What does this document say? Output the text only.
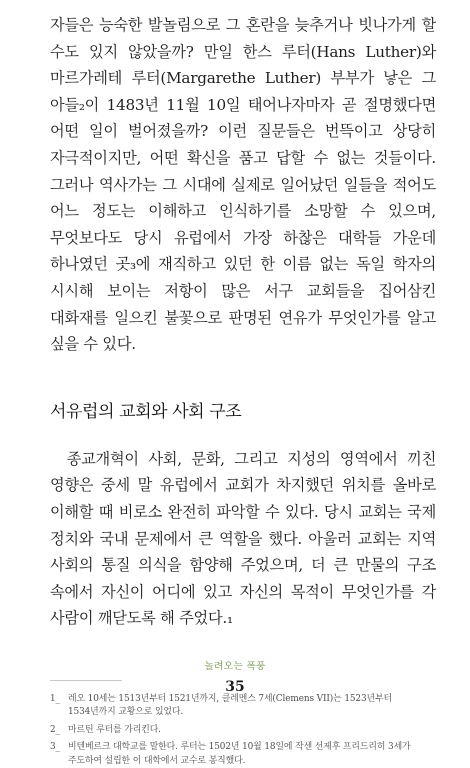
자들은 능숙한 발놀림으로 그 혼란을 늦추거나 빗나가게 할 수도 있지 않았을까? 만일 한스 루터(Hans Luther)와 마르가레테 루터(Margarethe Luther) 부부가 낳은 그 아들₂이 1483년 11월 10일 태어나자마자 곧 절명했다면 어떤 일이 벌어졌을까? 이런 질문들은 번뜩이고 상당히 자극적이지만, 어떤 확신을 품고 답할 수 없는 것들이다. 그러나 역사가는 그 시대에 실제로 일어났던 일들을 적어도 어느 정도는 이해하고 인식하기를 소망할 수 있으며, 무엇보다도 당시 유럽에서 가장 하찮은 대학들 가운데 하나였던 곳₃에 재직하고 있던 한 이름 없는 독일 학자의 시시해 보이는 저항이 많은 서구 교회들을 집어삼킨 대화재를 일으킨 불꽃으로 판명된 연유가 무엇인가를 알고 싶을 수 있다.

서유럽의 교회와 사회 구조

종교개혁이 사회, 문화, 그리고 지성의 영역에서 끼친 영향은 중세 말 유럽에서 교회가 차지했던 위치를 올바로 이해할 때 비로소 완전히 파악할 수 있다. 당시 교회는 국제 정치와 국내 문제에서 큰 역할을 했다. 아울러 교회는 지역 사회의 통질 의식을 함양해 주었으며, 더 큰 만물의 구조 속에서 자신이 어디에 있고 자신의 목적이 무엇인가를 각 사람이 깨닫도록 해 주었다.₁

1_ 레오 10세는 1513년부터 1521년까지, 클레멘스 7세(Clemens VII)는 1523년부터 1534년까지 교황으로 있었다.
2_ 마르틴 루터를 가리킨다.
3_ 비텐베르크 대학교를 말한다. 루터는 1502년 10월 18일에 작센 선제후 프리드리히 3세가 주도하여 설립한 이 대학에서 교수로 봉직했다.
놀려오는 폭풍
35
